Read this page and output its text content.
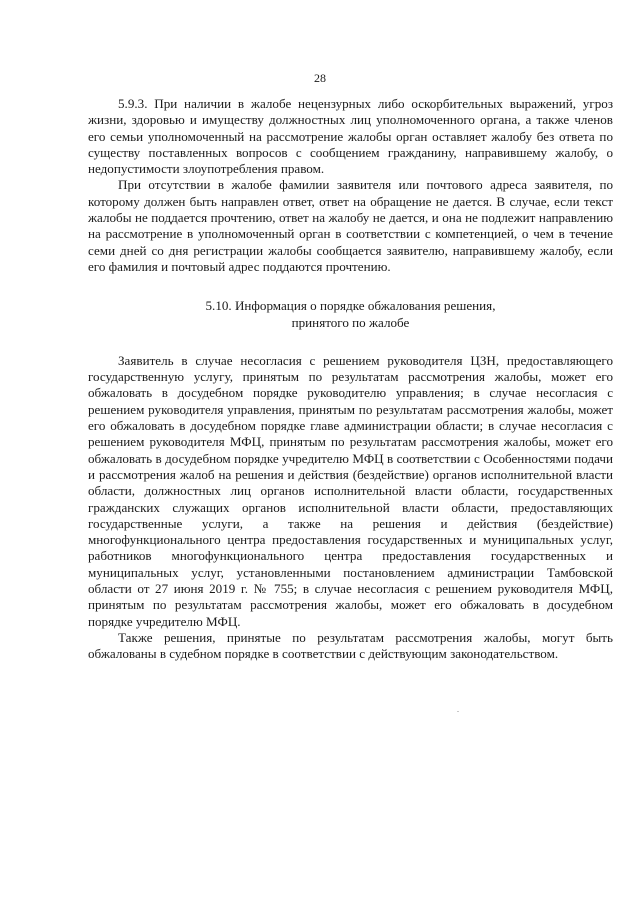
28

5.9.3. При наличии в жалобе нецензурных либо оскорбительных выражений, угроз жизни, здоровью и имуществу должностных лиц уполномоченного органа, а также членов его семьи уполномоченный на рассмотрение жалобы орган оставляет жалобу без ответа по существу поставленных вопросов с сообщением гражданину, направившему жалобу, о недопустимости злоупотребления правом.

При отсутствии в жалобе фамилии заявителя или почтового адреса заявителя, по которому должен быть направлен ответ, ответ на обращение не дается. В случае, если текст жалобы не поддается прочтению, ответ на жалобу не дается, и она не подлежит направлению на рассмотрение в уполномоченный орган в соответствии с компетенцией, о чем в течение семи дней со дня регистрации жалобы сообщается заявителю, направившему жалобу, если его фамилия и почтовый адрес поддаются прочтению.

5.10. Информация о порядке обжалования решения,
принятого по жалобе

Заявитель в случае несогласия с решением руководителя ЦЗН, предоставляющего государственную услугу, принятым по результатам рассмотрения жалобы, может его обжаловать в досудебном порядке руководителю управления; в случае несогласия с решением руководителя управления, принятым по результатам рассмотрения жалобы, может его обжаловать в досудебном порядке главе администрации области; в случае несогласия с решением руководителя МФЦ, принятым по результатам рассмотрения жалобы, может его обжаловать в досудебном порядке учредителю МФЦ в соответствии с Особенностями подачи и рассмотрения жалоб на решения и действия (бездействие) органов исполнительной власти области, должностных лиц органов исполнительной власти области, государственных гражданских служащих органов исполнительной власти области, предоставляющих государственные услуги, а также на решения и действия (бездействие) многофункционального центра предоставления государственных и муниципальных услуг, работников многофункционального центра предоставления государственных и муниципальных услуг, установленными постановлением администрации Тамбовской области от 27 июня 2019 г. № 755; в случае несогласия с решением руководителя МФЦ, принятым по результатам рассмотрения жалобы, может его обжаловать в досудебном порядке учредителю МФЦ.

Также решения, принятые по результатам рассмотрения жалобы, могут быть обжалованы в судебном порядке в соответствии с действующим законодательством.
